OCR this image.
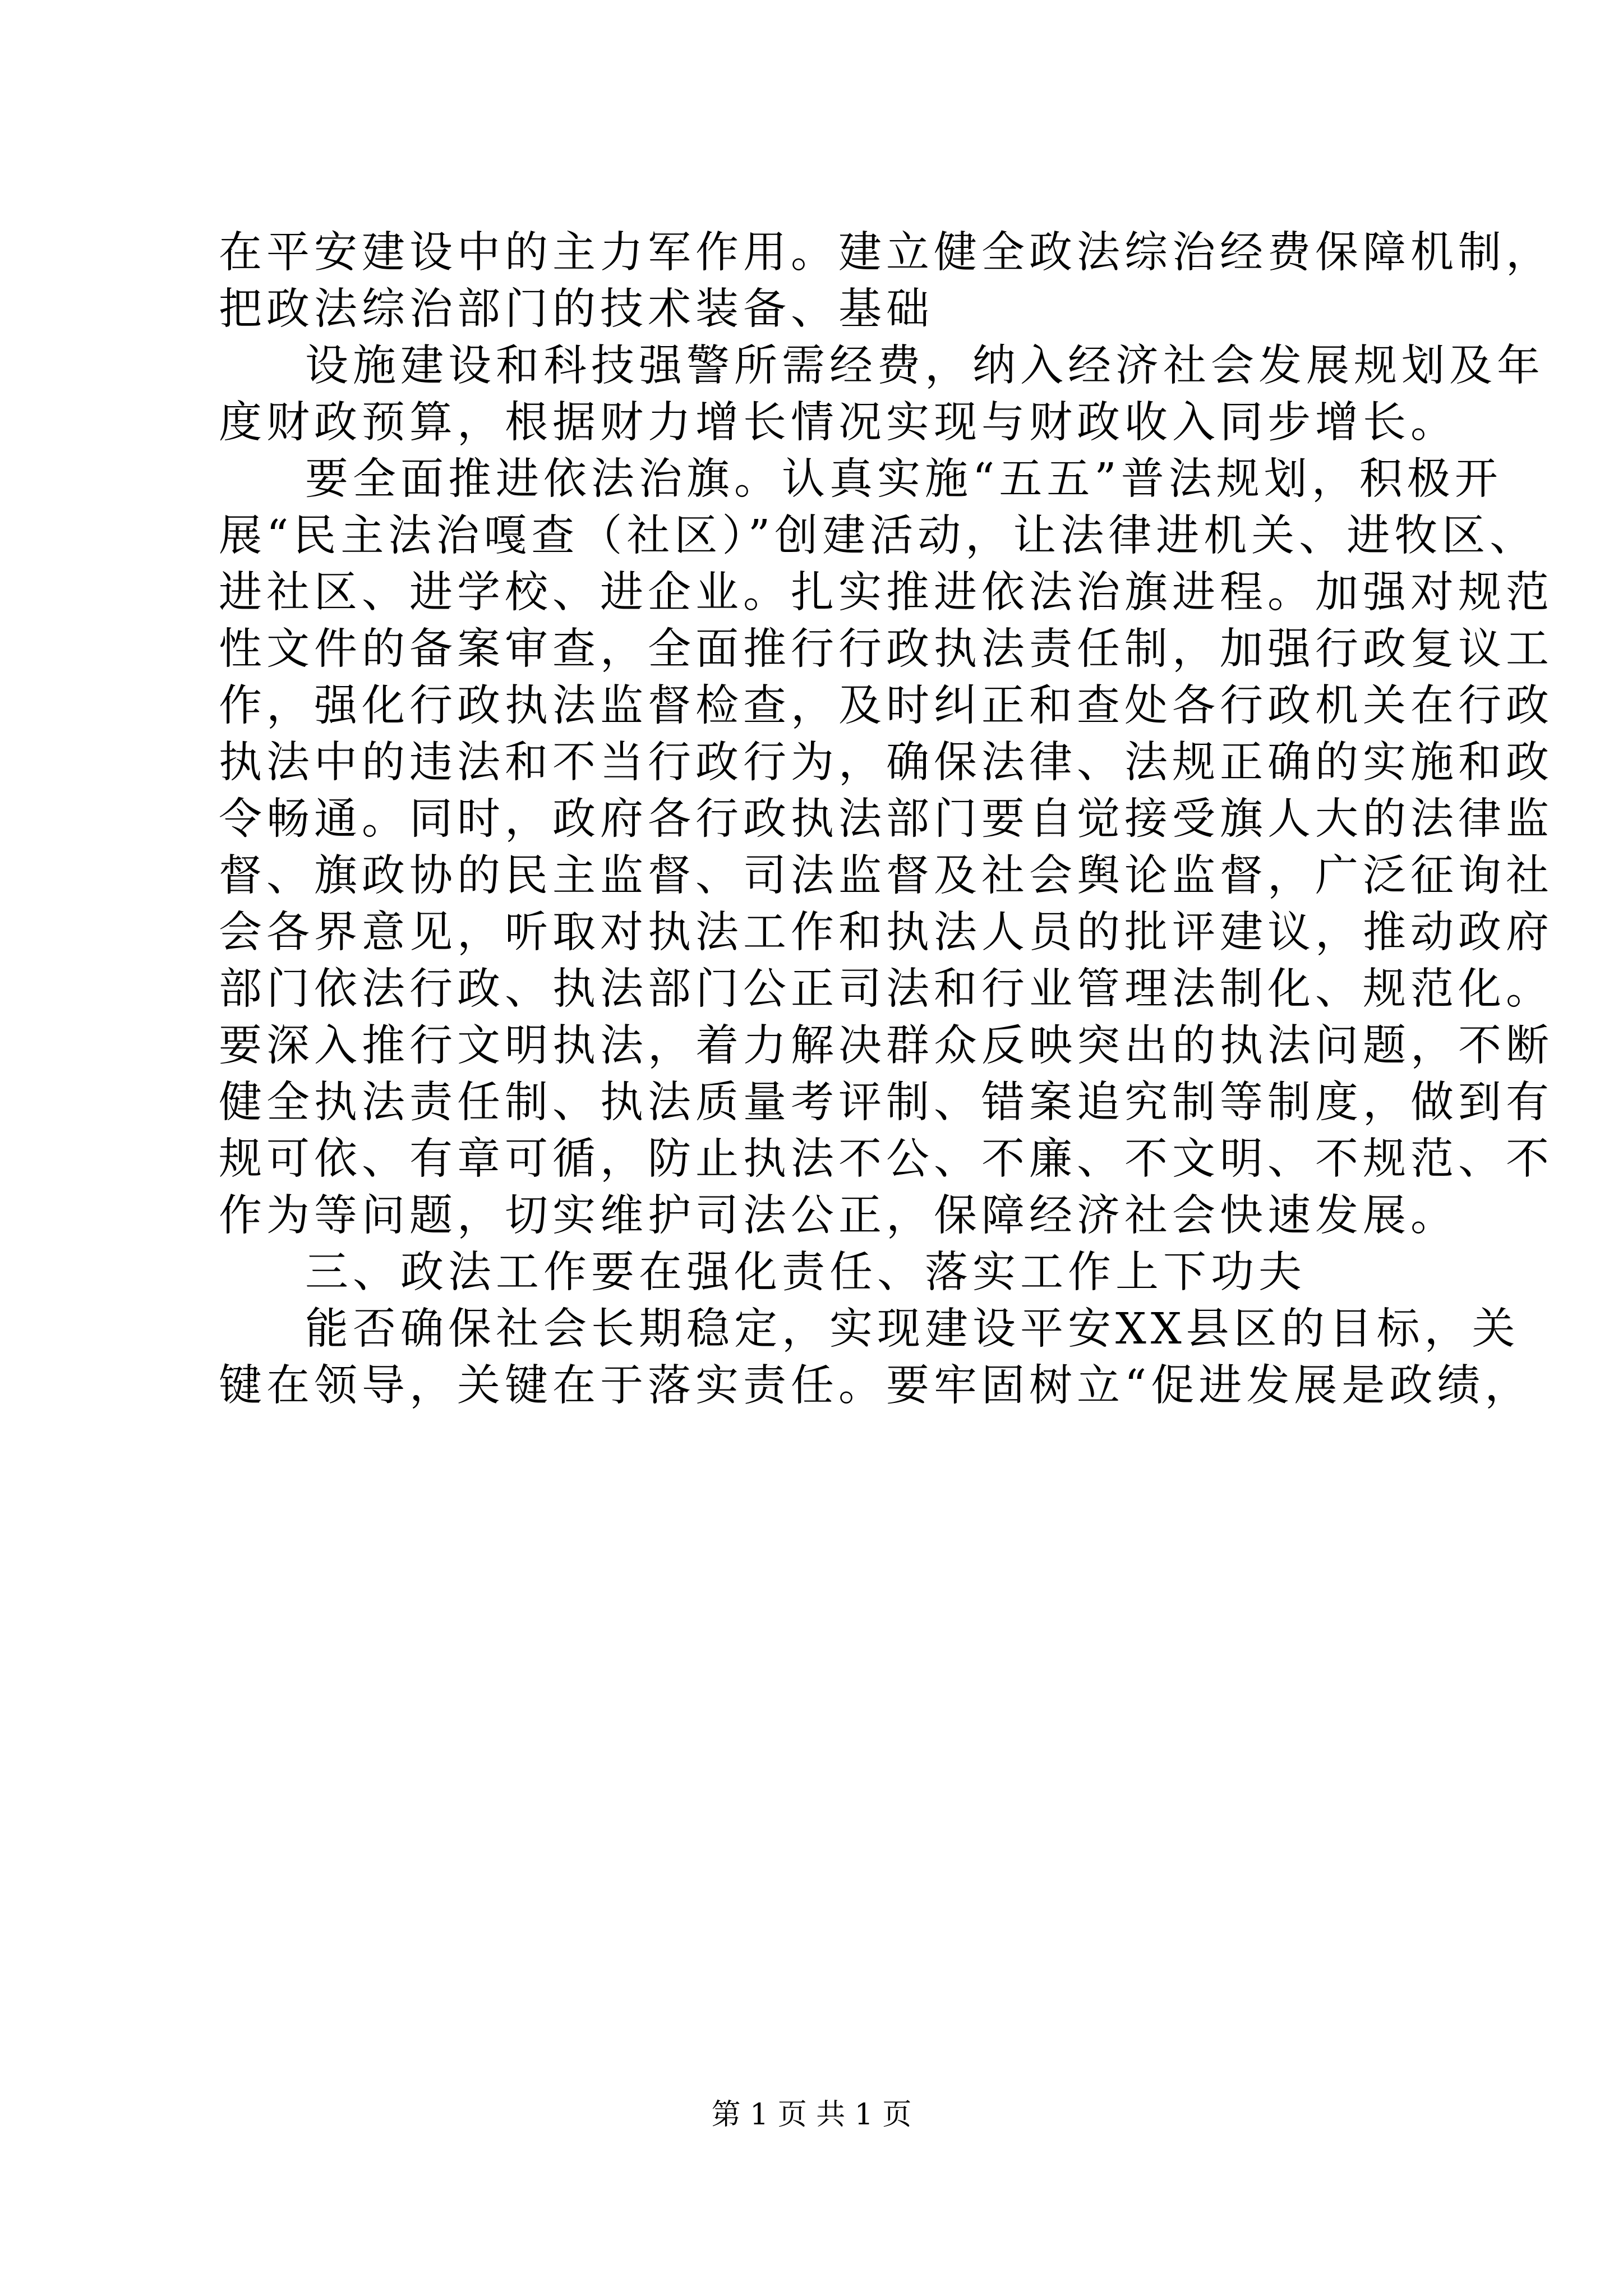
在平安建设中的主力军作用。建立健全政法综治经费保障机制，
把政法综治部门的技术装备、基础
设施建设和科技强警所需经费，纳入经济社会发展规划及年
度财政预算，根据财力增长情况实现与财政收入同步增长。
要全面推进依法治旗。认真实施“五五”普法规划，积极开
展“民主法治嘎查（社区）”创建活动，让法律进机关、进牧区、
进社区、进学校、进企业。扎实推进依法治旗进程。加强对规范
性文件的备案审查，全面推行行政执法责任制，加强行政复议工
作，强化行政执法监督检查，及时纠正和查处各行政机关在行政
执法中的违法和不当行政行为，确保法律、法规正确的实施和政
令畅通。同时，政府各行政执法部门要自觉接受旗人大的法律监
督、旗政协的民主监督、司法监督及社会舆论监督，广泛征询社
会各界意见，听取对执法工作和执法人员的批评建议，推动政府
部门依法行政、执法部门公正司法和行业管理法制化、规范化。
要深入推行文明执法，着力解决群众反映突出的执法问题，不断
健全执法责任制、执法质量考评制、错案追究制等制度，做到有
规可依、有章可循，防止执法不公、不廉、不文明、不规范、不
作为等问题，切实维护司法公正，保障经济社会快速发展。
三、政法工作要在强化责任、落实工作上下功夫
能否确保社会长期稳定，实现建设平安XX县区的目标，关
键在领导，关键在于落实责任。要牢固树立“促进发展是政绩，
第 1 页 共 1 页
